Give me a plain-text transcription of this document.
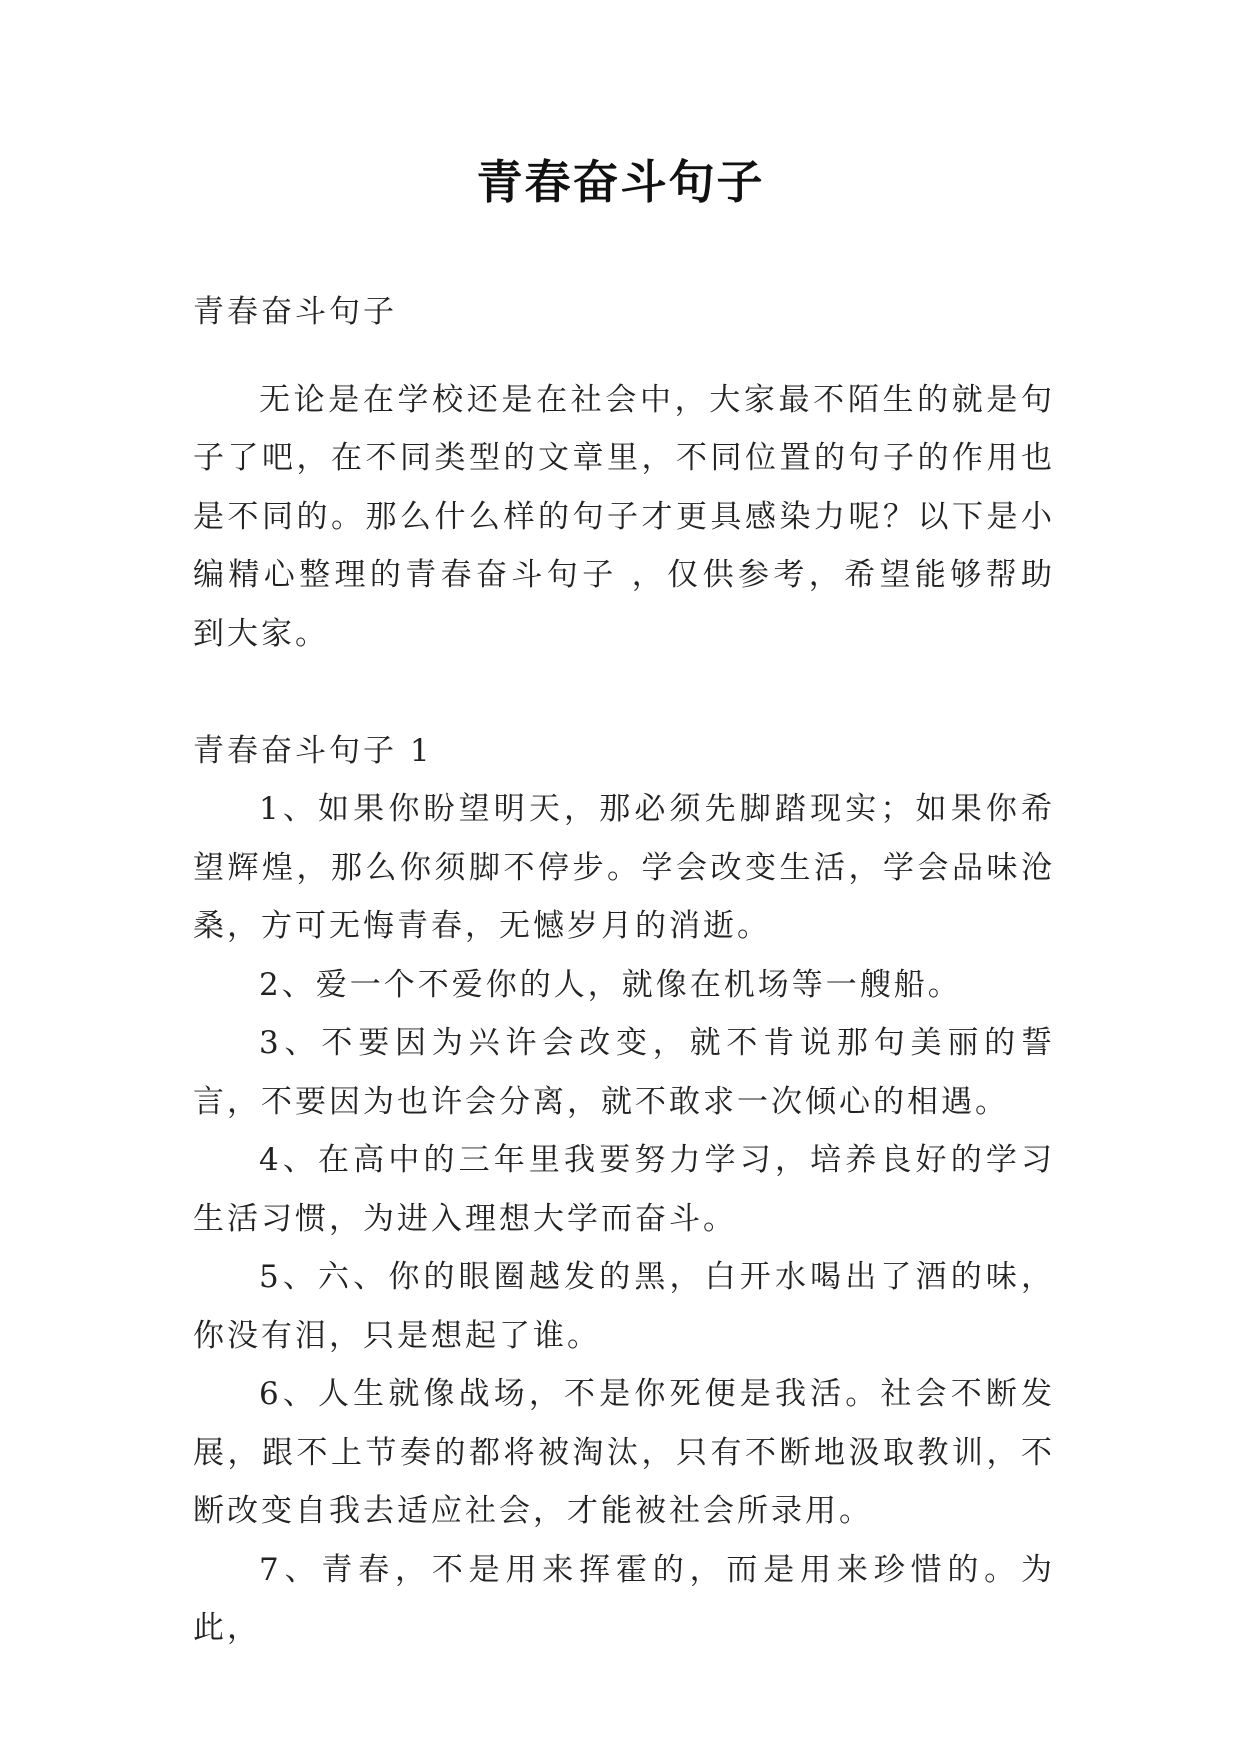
青春奋斗句子

青春奋斗句子

无论是在学校还是在社会中，大家最不陌生的就是句子了吧，在不同类型的文章里，不同位置的句子的作用也是不同的。那么什么样的句子才更具感染力呢？以下是小编精心整理的青春奋斗句子 ，仅供参考，希望能够帮助到大家。

青春奋斗句子 1

1、如果你盼望明天，那必须先脚踏现实；如果你希望辉煌，那么你须脚不停步。学会改变生活，学会品味沧桑，方可无悔青春，无憾岁月的消逝。

2、爱一个不爱你的人，就像在机场等一艘船。

3、不要因为兴许会改变，就不肯说那句美丽的誓言，不要因为也许会分离，就不敢求一次倾心的相遇。

4、在高中的三年里我要努力学习，培养良好的学习生活习惯，为进入理想大学而奋斗。

5、六、你的眼圈越发的黑，白开水喝出了酒的味，你没有泪，只是想起了谁。

6、人生就像战场，不是你死便是我活。社会不断发展，跟不上节奏的都将被淘汰，只有不断地汲取教训，不断改变自我去适应社会，才能被社会所录用。

7、青春，不是用来挥霍的，而是用来珍惜的。为此，
